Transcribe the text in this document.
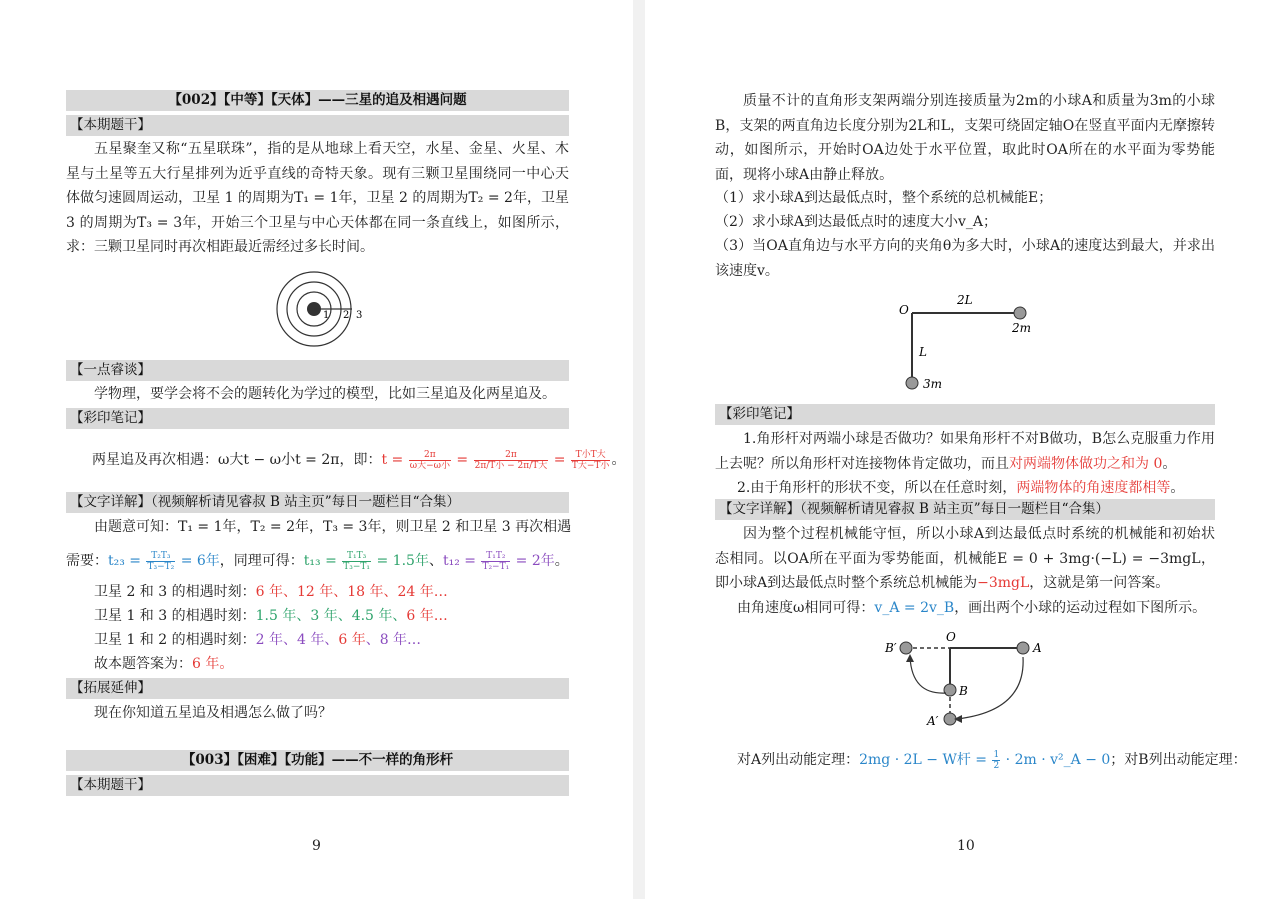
【002】【中等】【天体】——三星的追及相遇问题
【本期题干】
五星聚奎又称“五星联珠”，指的是从地球上看天空，水星、金星、火星、木星与土星等五大行星排列为近乎直线的奇特天象。现有三颗卫星围绕同一中心天体做匀速圆周运动，卫星 1 的周期为T₁ = 1年，卫星 2 的周期为T₂ = 2年，卫星 3 的周期为T₃ = 3年，开始三个卫星与中心天体都在同一条直线上，如图所示，求：三颗卫星同时再次相距最近需经过多长时间。
1 2 3
【一点睿谈】
学物理，要学会将不会的题转化为学过的模型，比如三星追及化两星追及。
【彩印笔记】
两星追及再次相遇：ω大t − ω小t = 2π，即：$t = \frac{2\pi}{\text{ω大−ω小}} = \frac{2\pi}{\text{2π/T小 − 2π/T大}} = \frac{\text{T小T大}}{\text{T大−T小}}$ 。
【文字详解】（视频解析请见睿叔 B 站主页”每日一题栏目“合集）
由题意可知：T₁ = 1年，T₂ = 2年，T₃ = 3年，则卫星 2 和卫星 3 再次相遇
需要：$t_{23} = \frac{\text{T₂T₃}}{\text{T₃−T₂}} = 6$年，同理可得：$t_{13} = \frac{\text{T₁T₃}}{\text{T₃−T₁}} = 1.5$年、$t_{12} = \frac{\text{T₁T₂}}{\text{T₂−T₁}} = 2$年。
卫星 2 和 3 的相遇时刻：6 年、12 年、18 年、24 年…
卫星 1 和 3 的相遇时刻：1.5 年、3 年、4.5 年、6 年…
卫星 1 和 2 的相遇时刻：2 年、4 年、6 年、8 年…
故本题答案为：6 年。
【拓展延伸】
现在你知道五星追及相遇怎么做了吗？
【003】【困难】【功能】——不一样的角形杆
【本期题干】
9
质量不计的直角形支架两端分别连接质量为2m的小球A和质量为3m的小球B，支架的两直角边长度分别为2L和L，支架可绕固定轴O在竖直平面内无摩擦转动，如图所示，开始时OA边处于水平位置，取此时OA所在的水平面为零势能面，现将小球A由静止释放。
（1）求小球A到达最低点时，整个系统的总机械能E；
（2）求小球A到达最低点时的速度大小v_A；
（3）当OA直角边与水平方向的夹角θ为多大时，小球A的速度达到最大，并求出该速度v。
O
2L
L
2m
3m
【彩印笔记】
1.角形杆对两端小球是否做功？如果角形杆不对B做功，B怎么克服重力作用上去呢？所以角形杆对连接物体肯定做功，而且对两端物体做功之和为 0。
2.由于角形杆的形状不变，所以在任意时刻，两端物体的角速度都相等。
【文字详解】（视频解析请见睿叔 B 站主页”每日一题栏目“合集）
因为整个过程机械能守恒，所以小球A到达最低点时系统的机械能和初始状态相同。以OA所在平面为零势能面，机械能E = 0 + 3mg·(−L) = −3mgL，即小球A到达最低点时整个系统总机械能为−3mgL，这就是第一问答案。
由角速度ω相同可得：v_A = 2v_B，画出两个小球的运动过程如下图所示。
O
A
B′
B
A′
对A列出动能定理：2mg · 2L − W杆 = $\frac{1}{2} \cdot 2m$ · v²_A − 0；对B列出动能定理：
10
